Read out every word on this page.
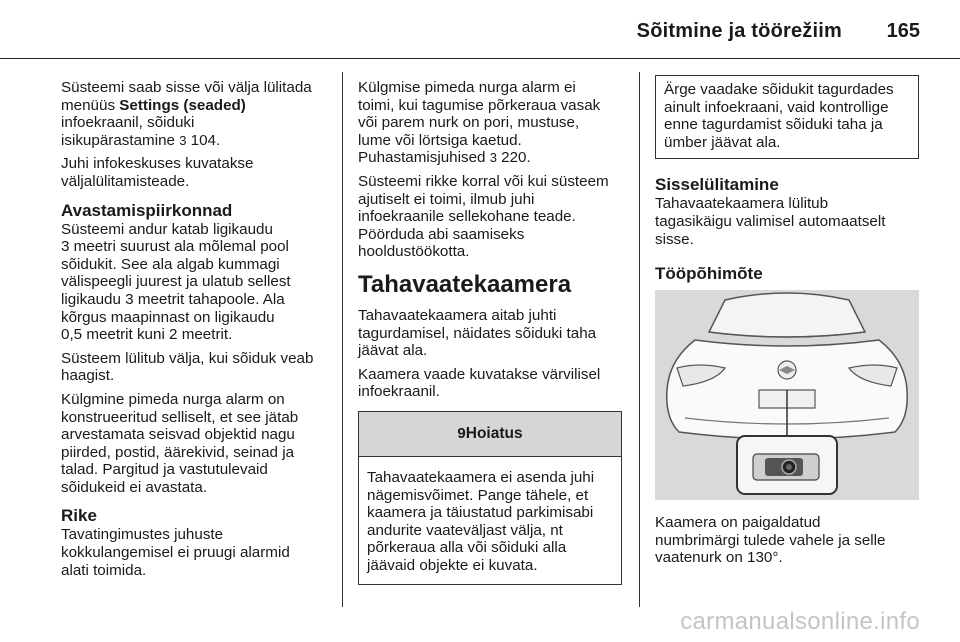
Sõitmine ja töörežiim 165

Süsteemi saab sisse või välja lülitada
menüüs Settings (seaded)
infoekraanil, sõiduki
isikupärastamine 3 104.

Juhi infokeskuses kuvatakse
väljalülitamisteade.

Avastamispiirkonnad

Süsteemi andur katab ligikaudu
3 meetri suurust ala mõlemal pool
sõidukit. See ala algab kummagi
välispeegli juurest ja ulatub sellest
ligikaudu 3 meetrit tahapoole. Ala
kõrgus maapinnast on ligikaudu
0,5 meetrit kuni 2 meetrit.

Süsteem lülitub välja, kui sõiduk veab
haagist.

Külgmine pimeda nurga alarm on
konstrueeritud selliselt, et see jätab
arvestamata seisvad objektid nagu
piirded, postid, äärekivid, seinad ja
talad. Pargitud ja vastutulevaid
sõidukeid ei avastata.

Rike

Tavatingimustes juhuste
kokkulangemisel ei pruugi alarmid
alati toimida.

Külgmise pimeda nurga alarm ei
toimi, kui tagumise põrkeraua vasak
või parem nurk on pori, mustuse,
lume või lörtsiga kaetud.
Puhastamisjuhised 3 220.

Süsteemi rikke korral või kui süsteem
ajutiselt ei toimi, ilmub juhi
infoekraanile sellekohane teade.
Pöörduda abi saamiseks
hooldustöökotta.

Tahavaatekaamera

Tahavaatekaamera aitab juhti
tagurdamisel, näidates sõiduki taha
jäävat ala.

Kaamera vaade kuvatakse värvilisel
infoekraanil.

9Hoiatus
Tahavaatekaamera ei asenda juhi
nägemisvõimet. Pange tähele, et
kaamera ja täiustatud parkimisabi
andurite vaateväljast välja, nt
põrkeraua alla või sõiduki alla
jäävaid objekte ei kuvata.
Ärge vaadake sõidukit tagurdades
ainult infoekraani, vaid kontrollige
enne tagurdamist sõiduki taha ja
ümber jäävat ala.
Sisselülitamine

Tahavaatekaamera lülitub
tagasikäigu valimisel automaatselt
sisse.

Tööpõhimõte

Kaamera on paigaldatud
numbrimärgi tulede vahele ja selle
vaatenurk on 130°.

carmanualsonline.info
